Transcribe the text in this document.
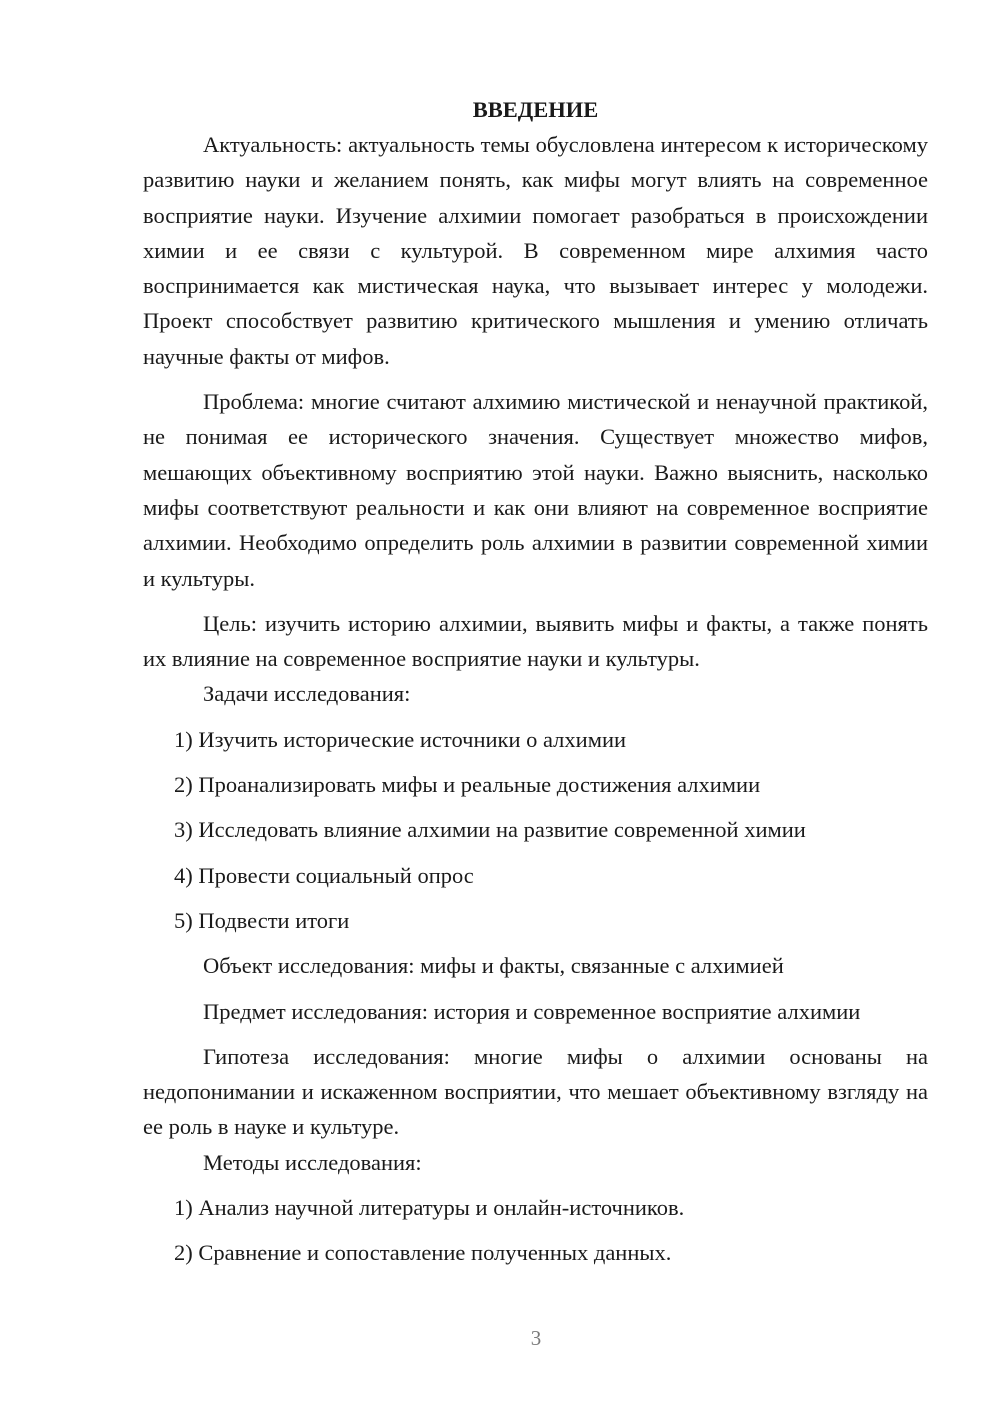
ВВЕДЕНИЕ

Актуальность: актуальность темы обусловлена интересом к историческому развитию науки и желанием понять, как мифы могут влиять на современное восприятие науки. Изучение алхимии помогает разобраться в происхождении химии и ее связи с культурой. В современном мире алхимия часто воспринимается как мистическая наука, что вызывает интерес у молодежи. Проект способствует развитию критического мышления и умению отличать научные факты от мифов.

Проблема: многие считают алхимию мистической и ненаучной практикой, не понимая ее исторического значения. Существует множество мифов, мешающих объективному восприятию этой науки. Важно выяснить, насколько мифы соответствуют реальности и как они влияют на современное восприятие алхимии. Необходимо определить роль алхимии в развитии современной химии и культуры.

Цель: изучить историю алхимии, выявить мифы и факты, а также понять их влияние на современное восприятие науки и культуры.

Задачи исследования:

1) Изучить исторические источники о алхимии

2) Проанализировать мифы и реальные достижения алхимии

3) Исследовать влияние алхимии на развитие современной химии

4) Провести социальный опрос

5) Подвести итоги

Объект исследования: мифы и факты, связанные с алхимией

Предмет исследования: история и современное восприятие алхимии

Гипотеза исследования: многие мифы о алхимии основаны на недопонимании и искаженном восприятии, что мешает объективному взгляду на ее роль в науке и культуре.

Методы исследования:

1) Анализ научной литературы и онлайн-источников.

2) Сравнение и сопоставление полученных данных.

3
